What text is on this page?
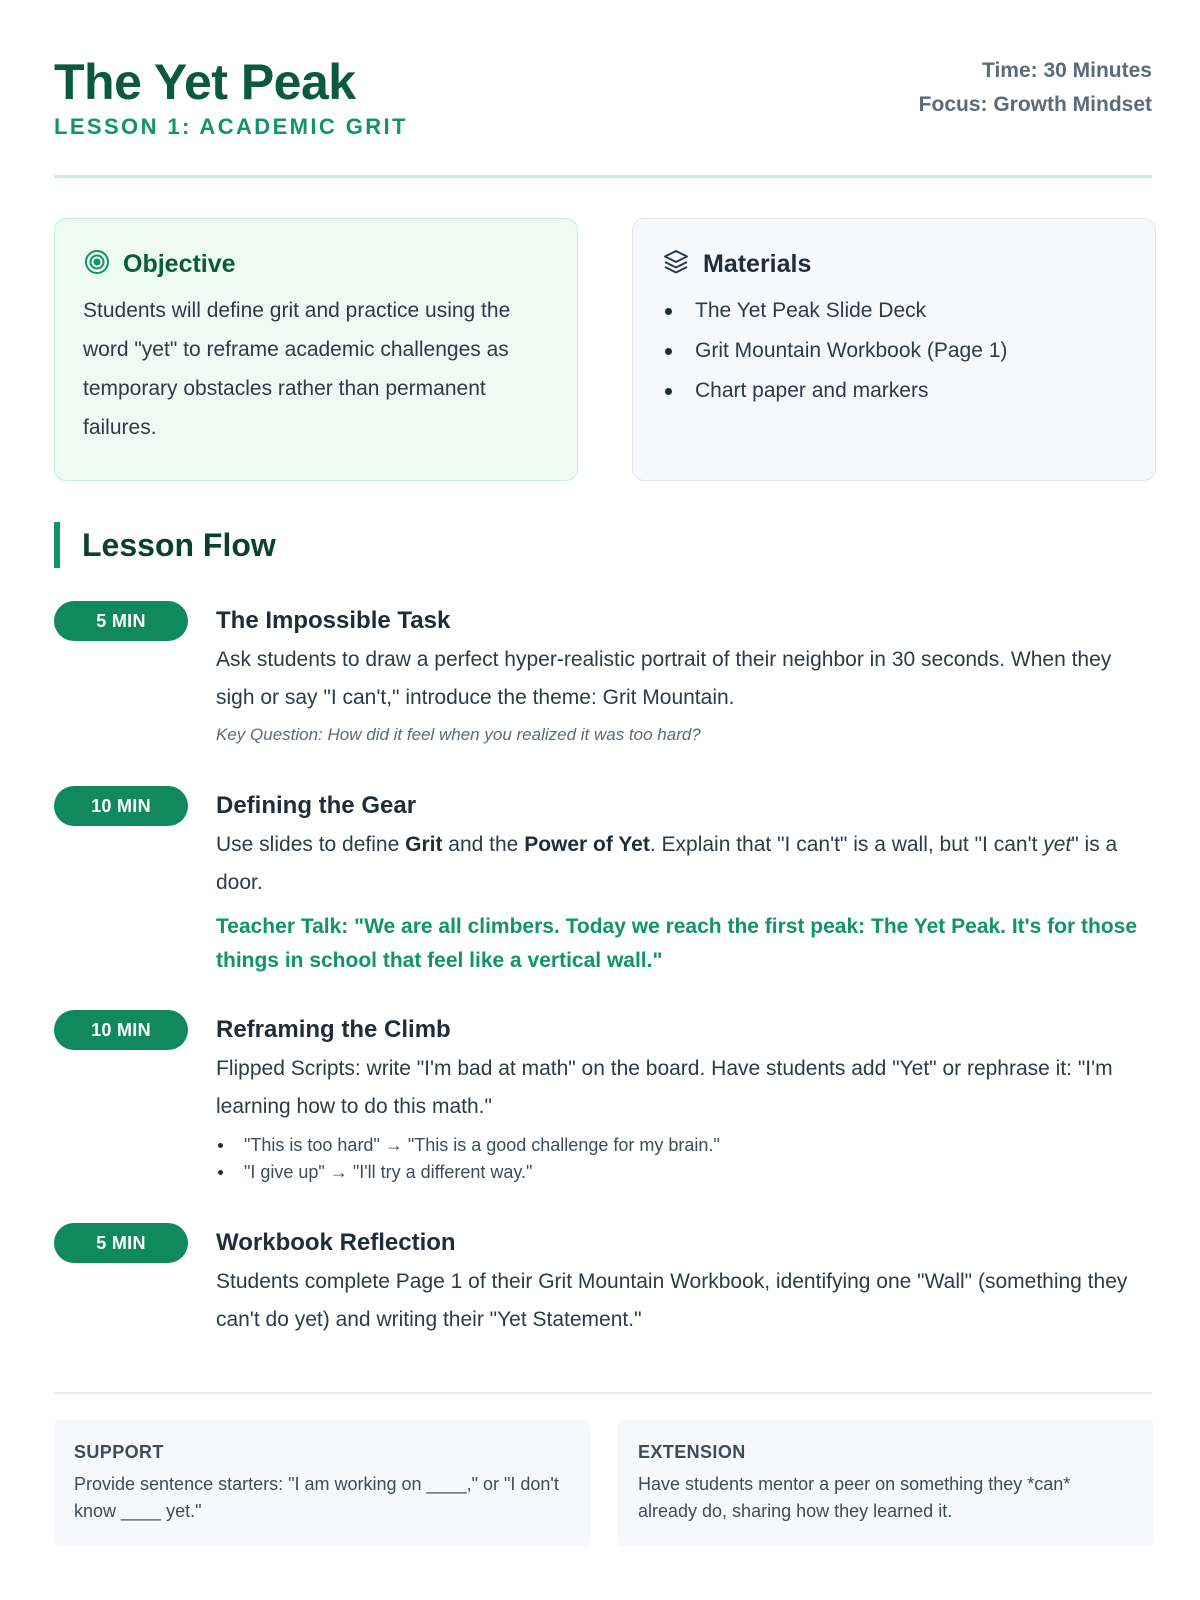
The Yet Peak
LESSON 1: ACADEMIC GRIT
Time: 30 Minutes
Focus: Growth Mindset
Objective
Students will define grit and practice using the word "yet" to reframe academic challenges as temporary obstacles rather than permanent failures.
Materials
The Yet Peak Slide Deck
Grit Mountain Workbook (Page 1)
Chart paper and markers
Lesson Flow
5 MIN	The Impossible Task
Ask students to draw a perfect hyper-realistic portrait of their neighbor in 30 seconds. When they sigh or say "I can't," introduce the theme: Grit Mountain.
Key Question: How did it feel when you realized it was too hard?
10 MIN	Defining the Gear
Use slides to define Grit and the Power of Yet. Explain that "I can't" is a wall, but "I can't yet" is a door.
Teacher Talk: "We are all climbers. Today we reach the first peak: The Yet Peak. It's for those things in school that feel like a vertical wall."
10 MIN	Reframing the Climb
Flipped Scripts: write "I'm bad at math" on the board. Have students add "Yet" or rephrase it: "I'm learning how to do this math."
"This is too hard" → "This is a good challenge for my brain."
"I give up" → "I'll try a different way."
5 MIN	Workbook Reflection
Students complete Page 1 of their Grit Mountain Workbook, identifying one "Wall" (something they can't do yet) and writing their "Yet Statement."
SUPPORT
Provide sentence starters: "I am working on ____," or "I don't know ____ yet."
EXTENSION
Have students mentor a peer on something they *can* already do, sharing how they learned it.
